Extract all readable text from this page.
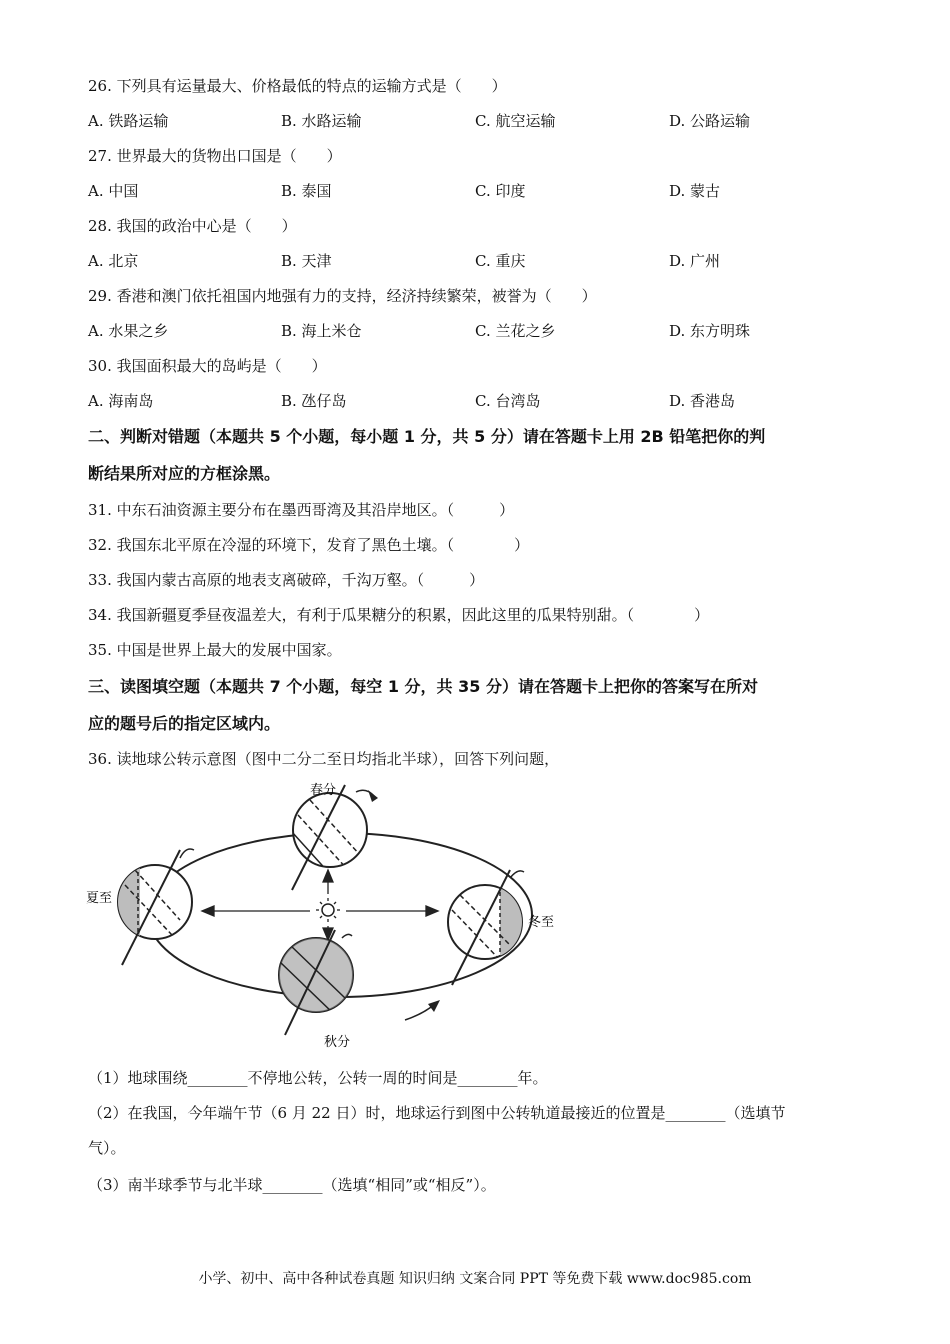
26. 下列具有运量最大、价格最低的特点的运输方式是（　　）
A. 铁路运输	B. 水路运输	C. 航空运输	D. 公路运输
27. 世界最大的货物出口国是（　　）
A. 中国	B. 泰国	C. 印度	D. 蒙古
28. 我国的政治中心是（　　）
A. 北京	B. 天津	C. 重庆	D. 广州
29. 香港和澳门依托祖国内地强有力的支持，经济持续繁荣，被誉为（　　）
A. 水果之乡	B. 海上米仓	C. 兰花之乡	D. 东方明珠
30. 我国面积最大的岛屿是（　　）
A. 海南岛	B. 氹仔岛	C. 台湾岛	D. 香港岛
二、判断对错题（本题共 5 个小题，每小题 1 分，共 5 分）请在答题卡上用 2B 铅笔把你的判
断结果所对应的方框涂黑。
31. 中东石油资源主要分布在墨西哥湾及其沿岸地区。（　　　）
32. 我国东北平原在冷湿的环境下，发育了黑色土壤。（　　　　）
33. 我国内蒙古高原的地表支离破碎，千沟万壑。（　　　）
34. 我国新疆夏季昼夜温差大，有利于瓜果糖分的积累，因此这里的瓜果特别甜。（　　　　）
35. 中国是世界上最大的发展中国家。
三、读图填空题（本题共 7 个小题，每空 1 分，共 35 分）请在答题卡上把你的答案写在所对
应的题号后的指定区域内。
36. 读地球公转示意图（图中二分二至日均指北半球），回答下列问题，
春分
夏至
秋分
冬至
（1）地球围绕________不停地公转，公转一周的时间是________年。
（2）在我国，今年端午节（6 月 22 日）时，地球运行到图中公转轨道最接近的位置是________（选填节
气）。
（3）南半球季节与北半球________（选填“相同”或“相反”）。
小学、初中、高中各种试卷真题 知识归纳 文案合同 PPT 等免费下载 www.doc985.com
